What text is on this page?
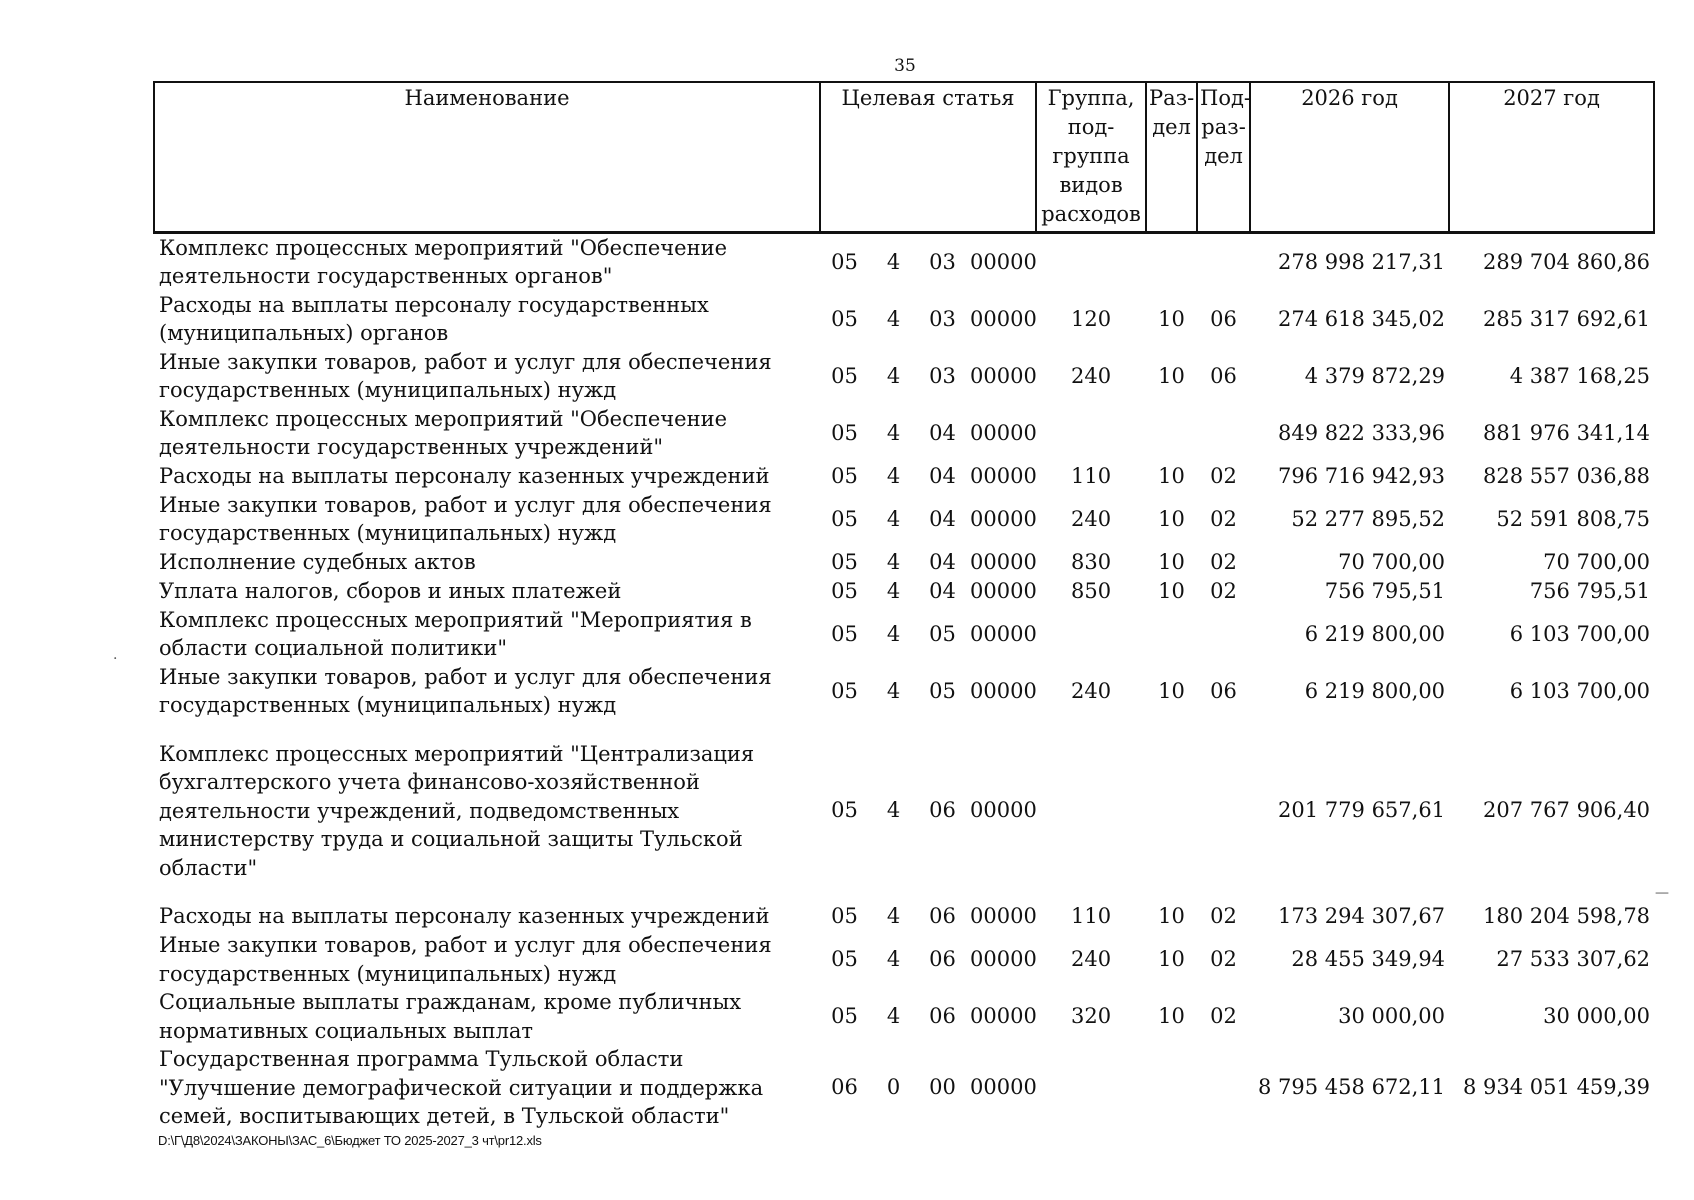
35
Наименование	Целевая статья				Группа, под- группа видов расходов	Раз- дел	Под- раз- дел	2026 год	2027 год
Комплекс процессных мероприятий "Обеспечение деятельности государственных органов"	05	4	03	00000				278 998 217,31	289 704 860,86
Расходы на выплаты персоналу государственных (муниципальных) органов	05	4	03	00000	120	10	06	274 618 345,02	285 317 692,61
Иные закупки товаров, работ и услуг для обеспечения государственных (муниципальных) нужд	05	4	03	00000	240	10	06	4 379 872,29	4 387 168,25
Комплекс процессных мероприятий "Обеспечение деятельности государственных учреждений"	05	4	04	00000				849 822 333,96	881 976 341,14
Расходы на выплаты персоналу казенных учреждений	05	4	04	00000	110	10	02	796 716 942,93	828 557 036,88
Иные закупки товаров, работ и услуг для обеспечения государственных (муниципальных) нужд	05	4	04	00000	240	10	02	52 277 895,52	52 591 808,75
Исполнение судебных актов	05	4	04	00000	830	10	02	70 700,00	70 700,00
Уплата налогов, сборов и иных платежей	05	4	04	00000	850	10	02	756 795,51	756 795,51
Комплекс процессных мероприятий "Мероприятия в области социальной политики"	05	4	05	00000				6 219 800,00	6 103 700,00
Иные закупки товаров, работ и услуг для обеспечения государственных (муниципальных) нужд	05	4	05	00000	240	10	06	6 219 800,00	6 103 700,00
Комплекс процессных мероприятий "Централизация бухгалтерского учета финансово-хозяйственной деятельности учреждений, подведомственных министерству труда и социальной защиты Тульской области"	05	4	06	00000				201 779 657,61	207 767 906,40
Расходы на выплаты персоналу казенных учреждений	05	4	06	00000	110	10	02	173 294 307,67	180 204 598,78
Иные закупки товаров, работ и услуг для обеспечения государственных (муниципальных) нужд	05	4	06	00000	240	10	02	28 455 349,94	27 533 307,62
Социальные выплаты гражданам, кроме публичных нормативных социальных выплат	05	4	06	00000	320	10	02	30 000,00	30 000,00
Государственная программа Тульской области "Улучшение демографической ситуации и поддержка семей, воспитывающих детей, в Тульской области"	06	0	00	00000				8 795 458 672,11	8 934 051 459,39
D:\Г\Д8\2024\ЗАКОНЫ\ЗАС_6\Бюджет ТО 2025-2027_3 чт\pr12.xls
·
—
